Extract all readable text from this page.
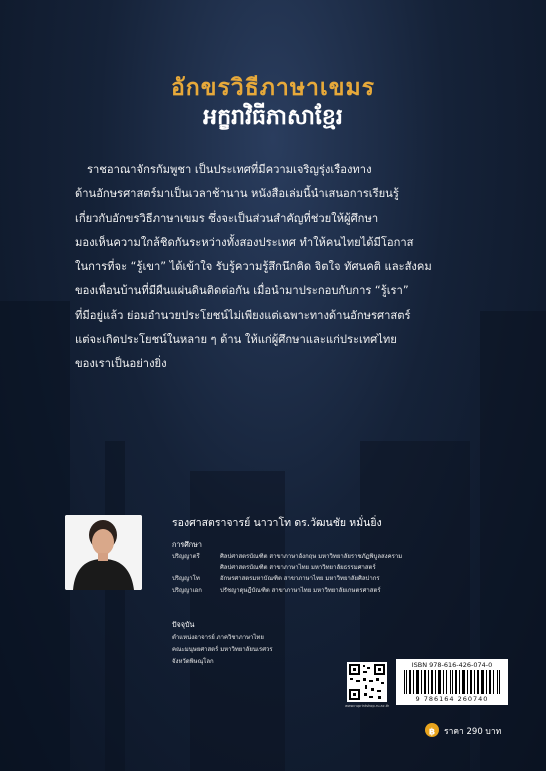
อักขรวิธีภาษาเขมร
អក្ខរាវិធីភាសាខ្មែរ

ราชอาณาจักรกัมพูชา เป็นประเทศที่มีความเจริญรุ่งเรืองทาง
ด้านอักษรศาสตร์มาเป็นเวลาช้านาน หนังสือเล่มนี้นำเสนอการเรียนรู้
เกี่ยวกับอักขรวิธีภาษาเขมร ซึ่งจะเป็นส่วนสำคัญที่ช่วยให้ผู้ศึกษา
มองเห็นความใกล้ชิดกันระหว่างทั้งสองประเทศ ทำให้คนไทยได้มีโอกาส
ในการที่จะ “รู้เขา” ได้เข้าใจ รับรู้ความรู้สึกนึกคิด จิตใจ ทัศนคติ และสังคม
ของเพื่อนบ้านที่มีผืนแผ่นดินติดต่อกัน เมื่อนำมาประกอบกับการ “รู้เรา”
ที่มีอยู่แล้ว ย่อมอำนวยประโยชน์ไม่เพียงแต่เฉพาะทางด้านอักษรศาสตร์
แต่จะเกิดประโยชน์ในหลาย ๆ ด้าน ให้แก่ผู้ศึกษาและแก่ประเทศไทย
ของเราเป็นอย่างยิ่ง

รองศาสตราจารย์ นาวาโท ดร.วัฒนชัย หมั่นยิ่ง
การศึกษา
ปริญญาตรี	ศิลปศาสตรบัณฑิต สาขาภาษาอังกฤษ มหาวิทยาลัยราชภัฏพิบูลสงคราม
ศิลปศาสตรบัณฑิต สาขาภาษาไทย มหาวิทยาลัยธรรมศาสตร์
ปริญญาโท	อักษรศาสตรมหาบัณฑิต สาขาภาษาไทย มหาวิทยาลัยศิลปากร
ปริญญาเอก	ปรัชญาดุษฎีบัณฑิต สาขาภาษาไทย มหาวิทยาลัยเกษตรศาสตร์
ปัจจุบัน
ตำแหน่งอาจารย์ ภาควิชาภาษาไทย
คณะมนุษยศาสตร์ มหาวิทยาลัยนเรศวร
จังหวัดพิษณุโลก
www.ruprintshop.ru.ac.th
ISBN 978-616-426-074-0
9 786164 260740
฿ ราคา 290 บาท
